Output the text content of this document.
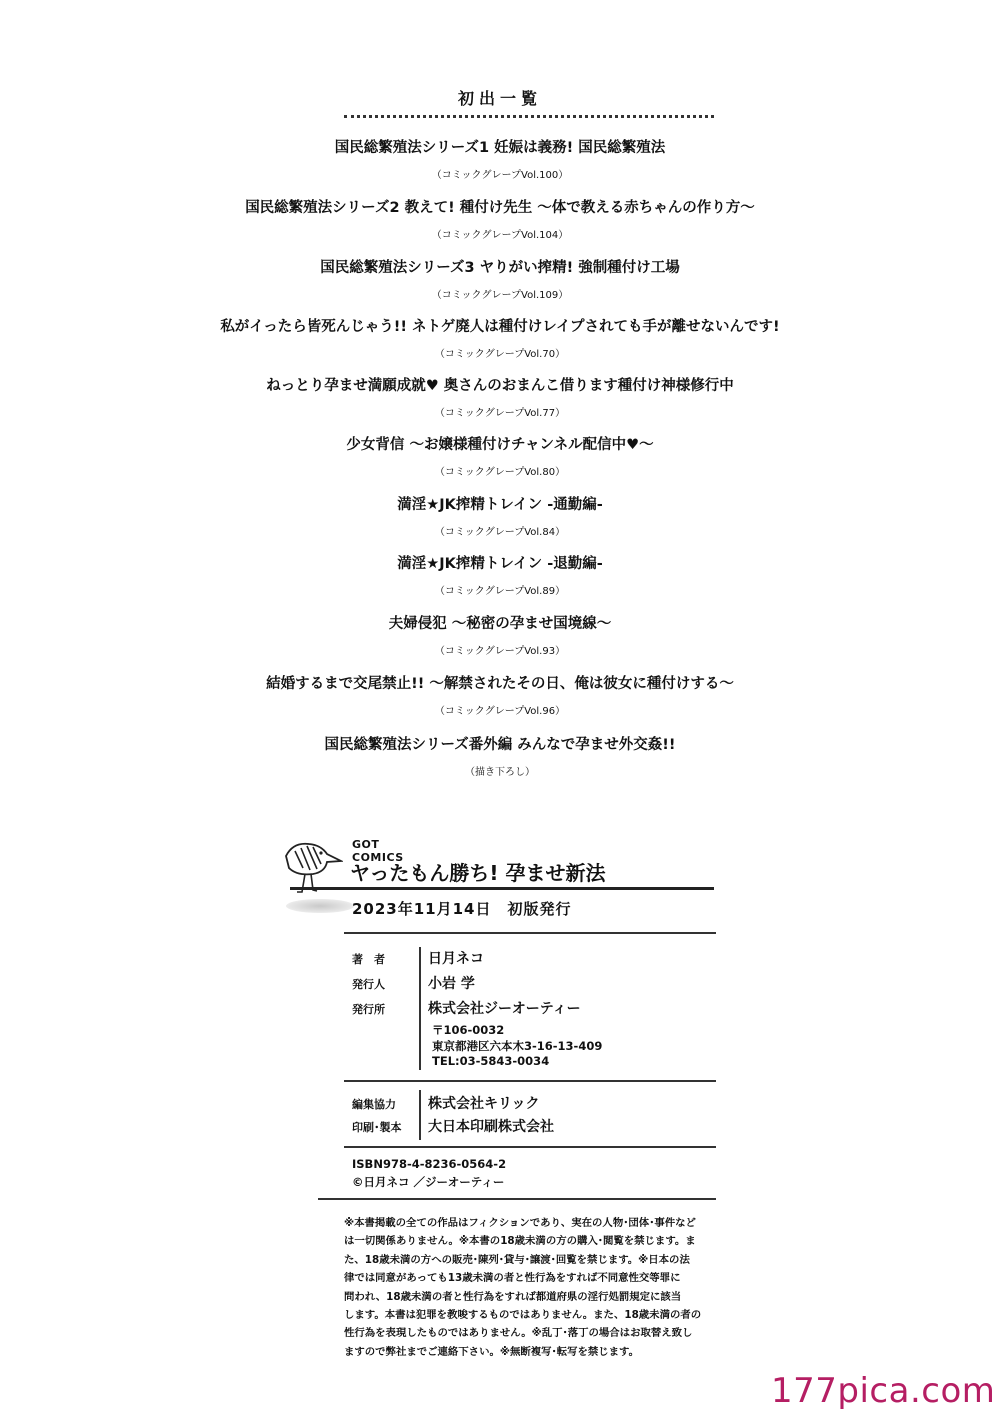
初出一覧
国民総繁殖法シリーズ1 妊娠は義務! 国民総繁殖法
（コミックグレープVol.100）
国民総繁殖法シリーズ2 教えて! 種付け先生 〜体で教える赤ちゃんの作り方〜
（コミックグレープVol.104）
国民総繁殖法シリーズ3 ヤりがい搾精! 強制種付け工場
（コミックグレープVol.109）
私がイったら皆死んじゃう!! ネトゲ廃人は種付けレイプされても手が離せないんです!
（コミックグレープVol.70）
ねっとり孕ませ満願成就♥ 奥さんのおまんこ借ります種付け神様修行中
（コミックグレープVol.77）
少女背信 〜お嬢様種付けチャンネル配信中♥〜
（コミックグレープVol.80）
満淫★JK搾精トレイン -通勤編-
（コミックグレープVol.84）
満淫★JK搾精トレイン -退勤編-
（コミックグレープVol.89）
夫婦侵犯 〜秘密の孕ませ国境線〜
（コミックグレープVol.93）
結婚するまで交尾禁止!! 〜解禁されたその日、俺は彼女に種付けする〜
（コミックグレープVol.96）
国民総繁殖法シリーズ番外編 みんなで孕ませ外交姦!!
（描き下ろし）
GOT COMICS
ヤったもん勝ち! 孕ませ新法
2023年11月14日　初版発行
著　者
発行人
発行所
日月ネコ
小岩 学
株式会社ジーオーティー
〒106-0032
東京都港区六本木3-16-13-409
TEL:03-5843-0034
編集協力
印刷･製本
株式会社キリック
大日本印刷株式会社
ISBN978-4-8236-0564-2
©日月ネコ ／ジーオーティー
※本書掲載の全ての作品はフィクションであり、実在の人物･団体･事件など
は一切関係ありません。※本書の18歳未満の方の購入･閲覧を禁じます。ま
た、18歳未満の方への販売･陳列･貸与･譲渡･回覧を禁じます。※日本の法
律では同意があっても13歳未満の者と性行為をすれば不同意性交等罪に
問われ、18歳未満の者と性行為をすれば都道府県の淫行処罰規定に該当
します。本書は犯罪を教唆するものではありません。また、18歳未満の者の
性行為を表現したものではありません。※乱丁･落丁の場合はお取替え致し
ますので弊社までご連絡下さい。※無断複写･転写を禁じます。
177pica.com
